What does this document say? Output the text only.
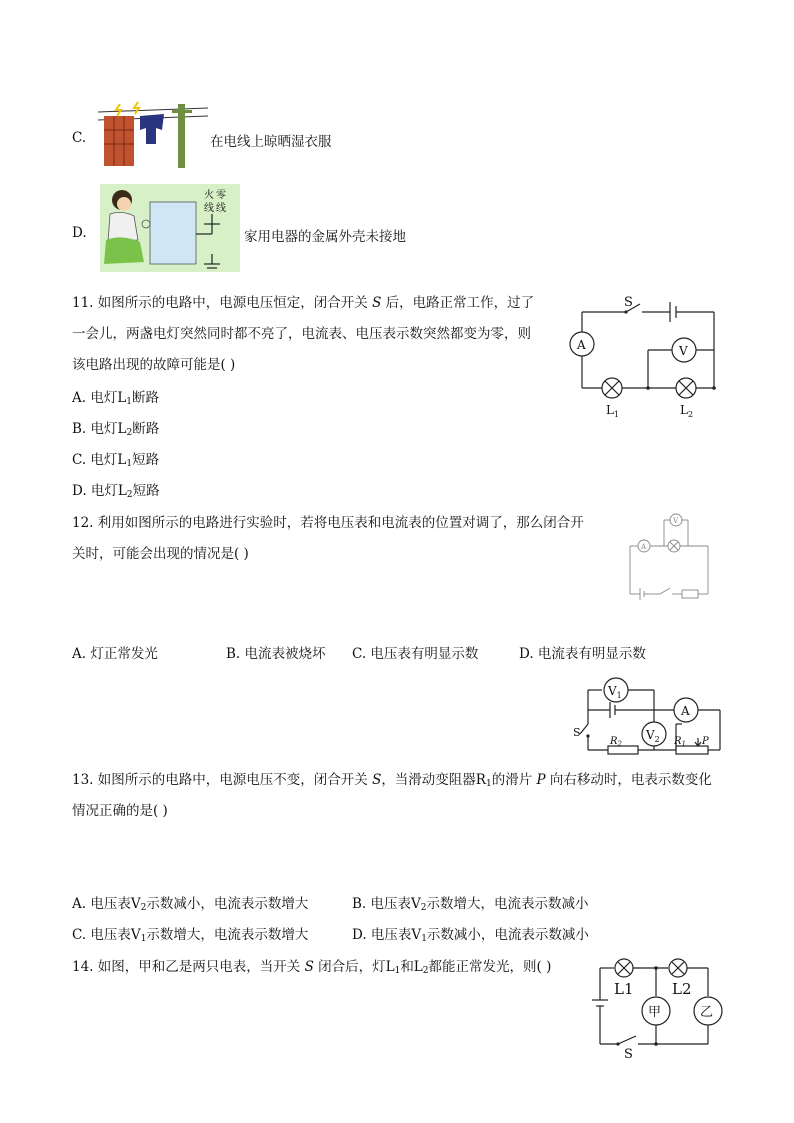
C.	在电线上晾晒湿衣服
D.
火 零
线 线
家用电器的金属外壳未接地
11. 如图所示的电路中，电源电压恒定，闭合开关 S 后，电路正常工作，过了
一会儿，两盏电灯突然同时都不亮了，电流表、电压表示数突然都变为零，则
该电路出现的故障可能是( )
A. 电灯$L_1$断路
B. 电灯$L_2$断路
C. 电灯$L_1$短路
D. 电灯$L_2$短路
S
A	V
$L_1$	$L_2$
12. 利用如图所示的电路进行实验时，若将电压表和电流表的位置对调了，那么闭合开
关时，可能会出现的情况是( )	A
V
A. 灯正常发光	B. 电流表被烧坏 C. 电压表有明显示数	D. 电流表有明显示数
$V_1$
A
S
$R_2$
$V_2$ $R_1$ P
13. 如图所示的电路中，电源电压不变，闭合开关 S，当滑动变阻器$R_1$的滑片 P 向右移动时，电表示数变化
情况正确的是( )
A. 电压表$V_2$示数减小，电流表示数增大	B. 电压表$V_2$示数增大，电流表示数减小
C. 电压表$V_1$示数增大，电流表示数增大	D. 电压表$V_1$示数减小，电流表示数减小
14. 如图，甲和乙是两只电表，当开关 S 闭合后，灯$L_1$和$L_2$都能正常发光，则( )
乙
S
甲
L1	L2
